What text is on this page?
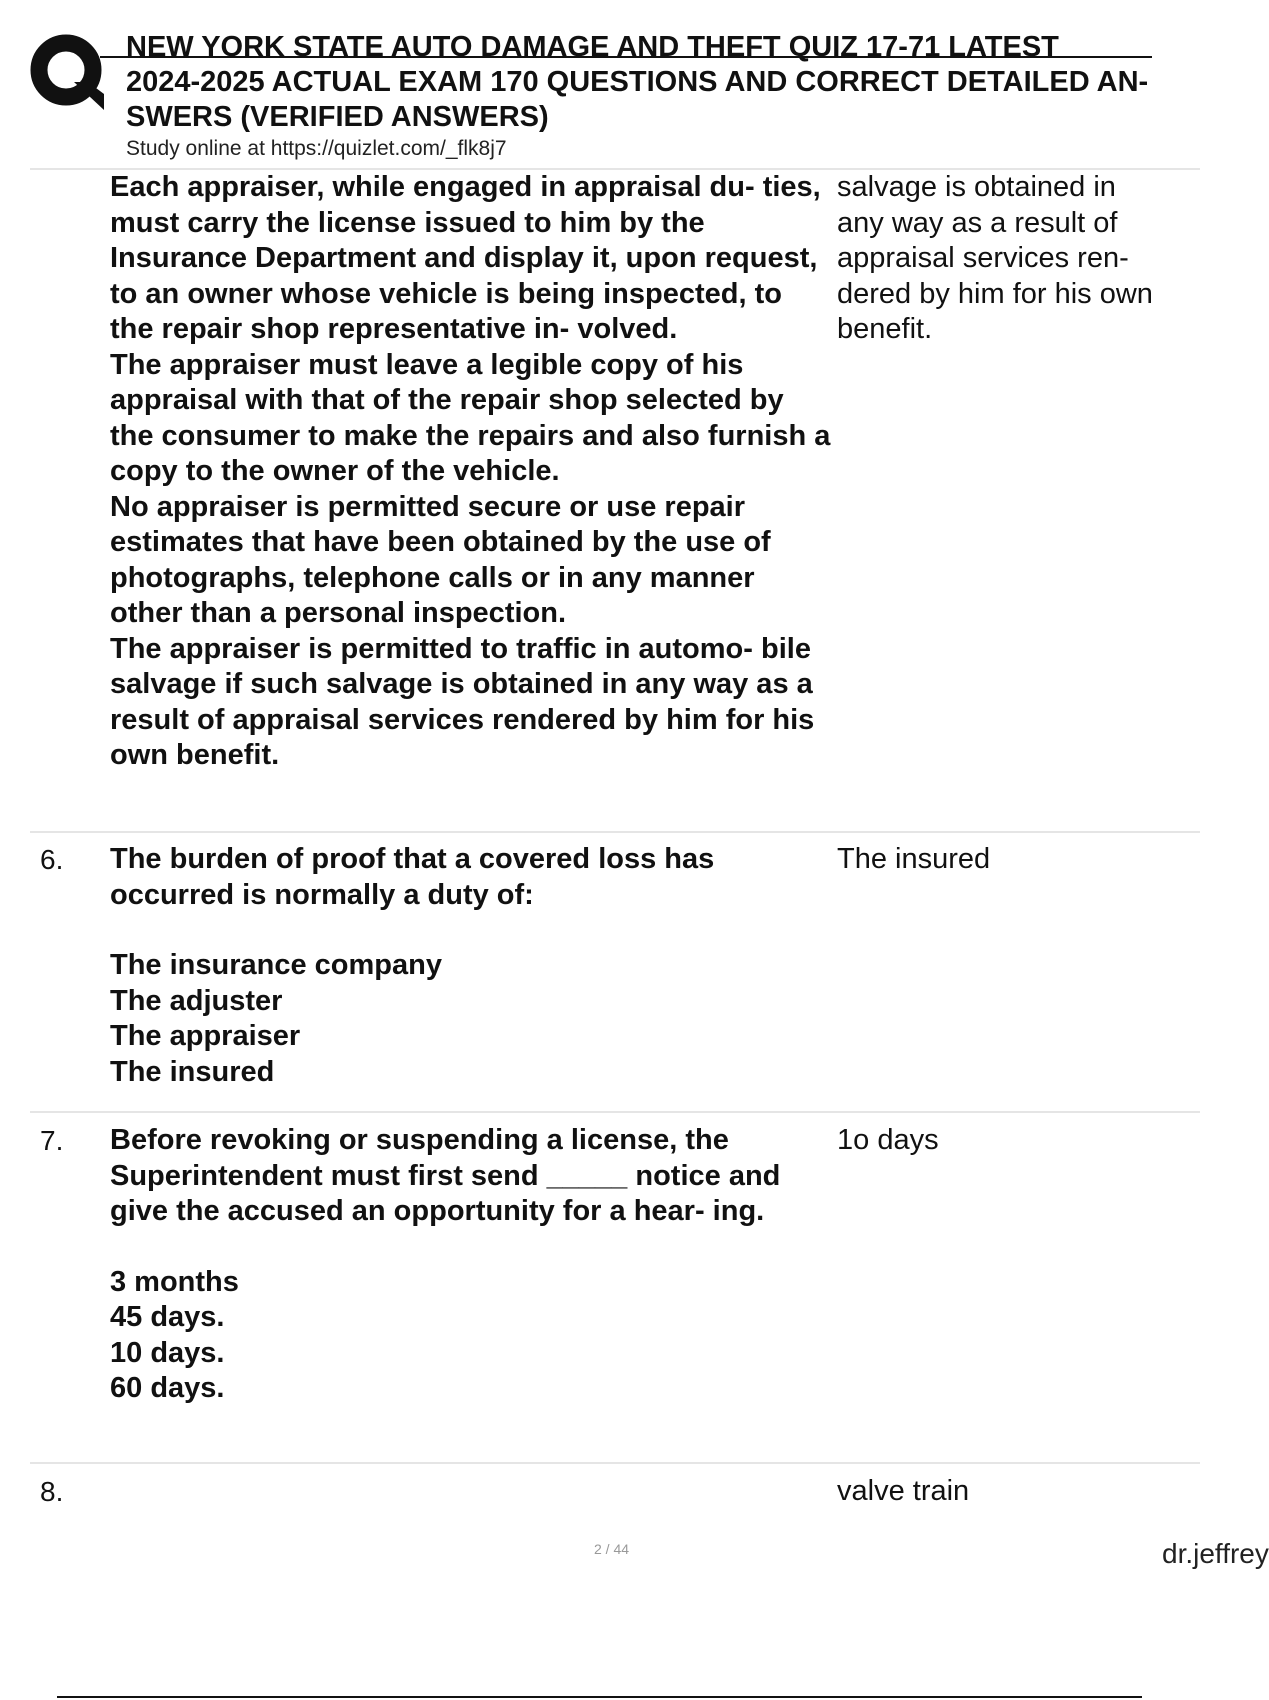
NEW YORK STATE AUTO DAMAGE AND THEFT QUIZ 17-71 LATEST
2024-2025 ACTUAL EXAM 170 QUESTIONS AND CORRECT DETAILED AN-
SWERS (VERIFIED ANSWERS)
Study online at https://quizlet.com/_flk8j7

Each appraiser, while engaged in appraisal du- ties, must carry the license issued to him by the Insurance Department and display it, upon request, to an owner whose vehicle is being inspected, to the repair shop representative in- volved.

The appraiser must leave a legible copy of his appraisal with that of the repair shop selected by the consumer to make the repairs and also furnish a copy to the owner of the vehicle.

No appraiser is permitted secure or use repair estimates that have been obtained by the use of photographs, telephone calls or in any manner other than a personal inspection.

The appraiser is permitted to traffic in automo- bile salvage if such salvage is obtained in any way as a result of appraisal services rendered by him for his own benefit.

salvage is obtained in
any way as a result of
appraisal services ren-
dered by him for his own
benefit.
6. The burden of proof that a covered loss has occurred is normally a duty of:

The insurance company
The adjuster
The appraiser
The insured
The insured
7. Before revoking or suspending a license, the Superintendent must first send _____ notice and give the accused an opportunity for a hear- ing.

3 months
45 days.
10 days.
60 days.
1o days
8.	valve train
2 / 44	dr.jeffrey
